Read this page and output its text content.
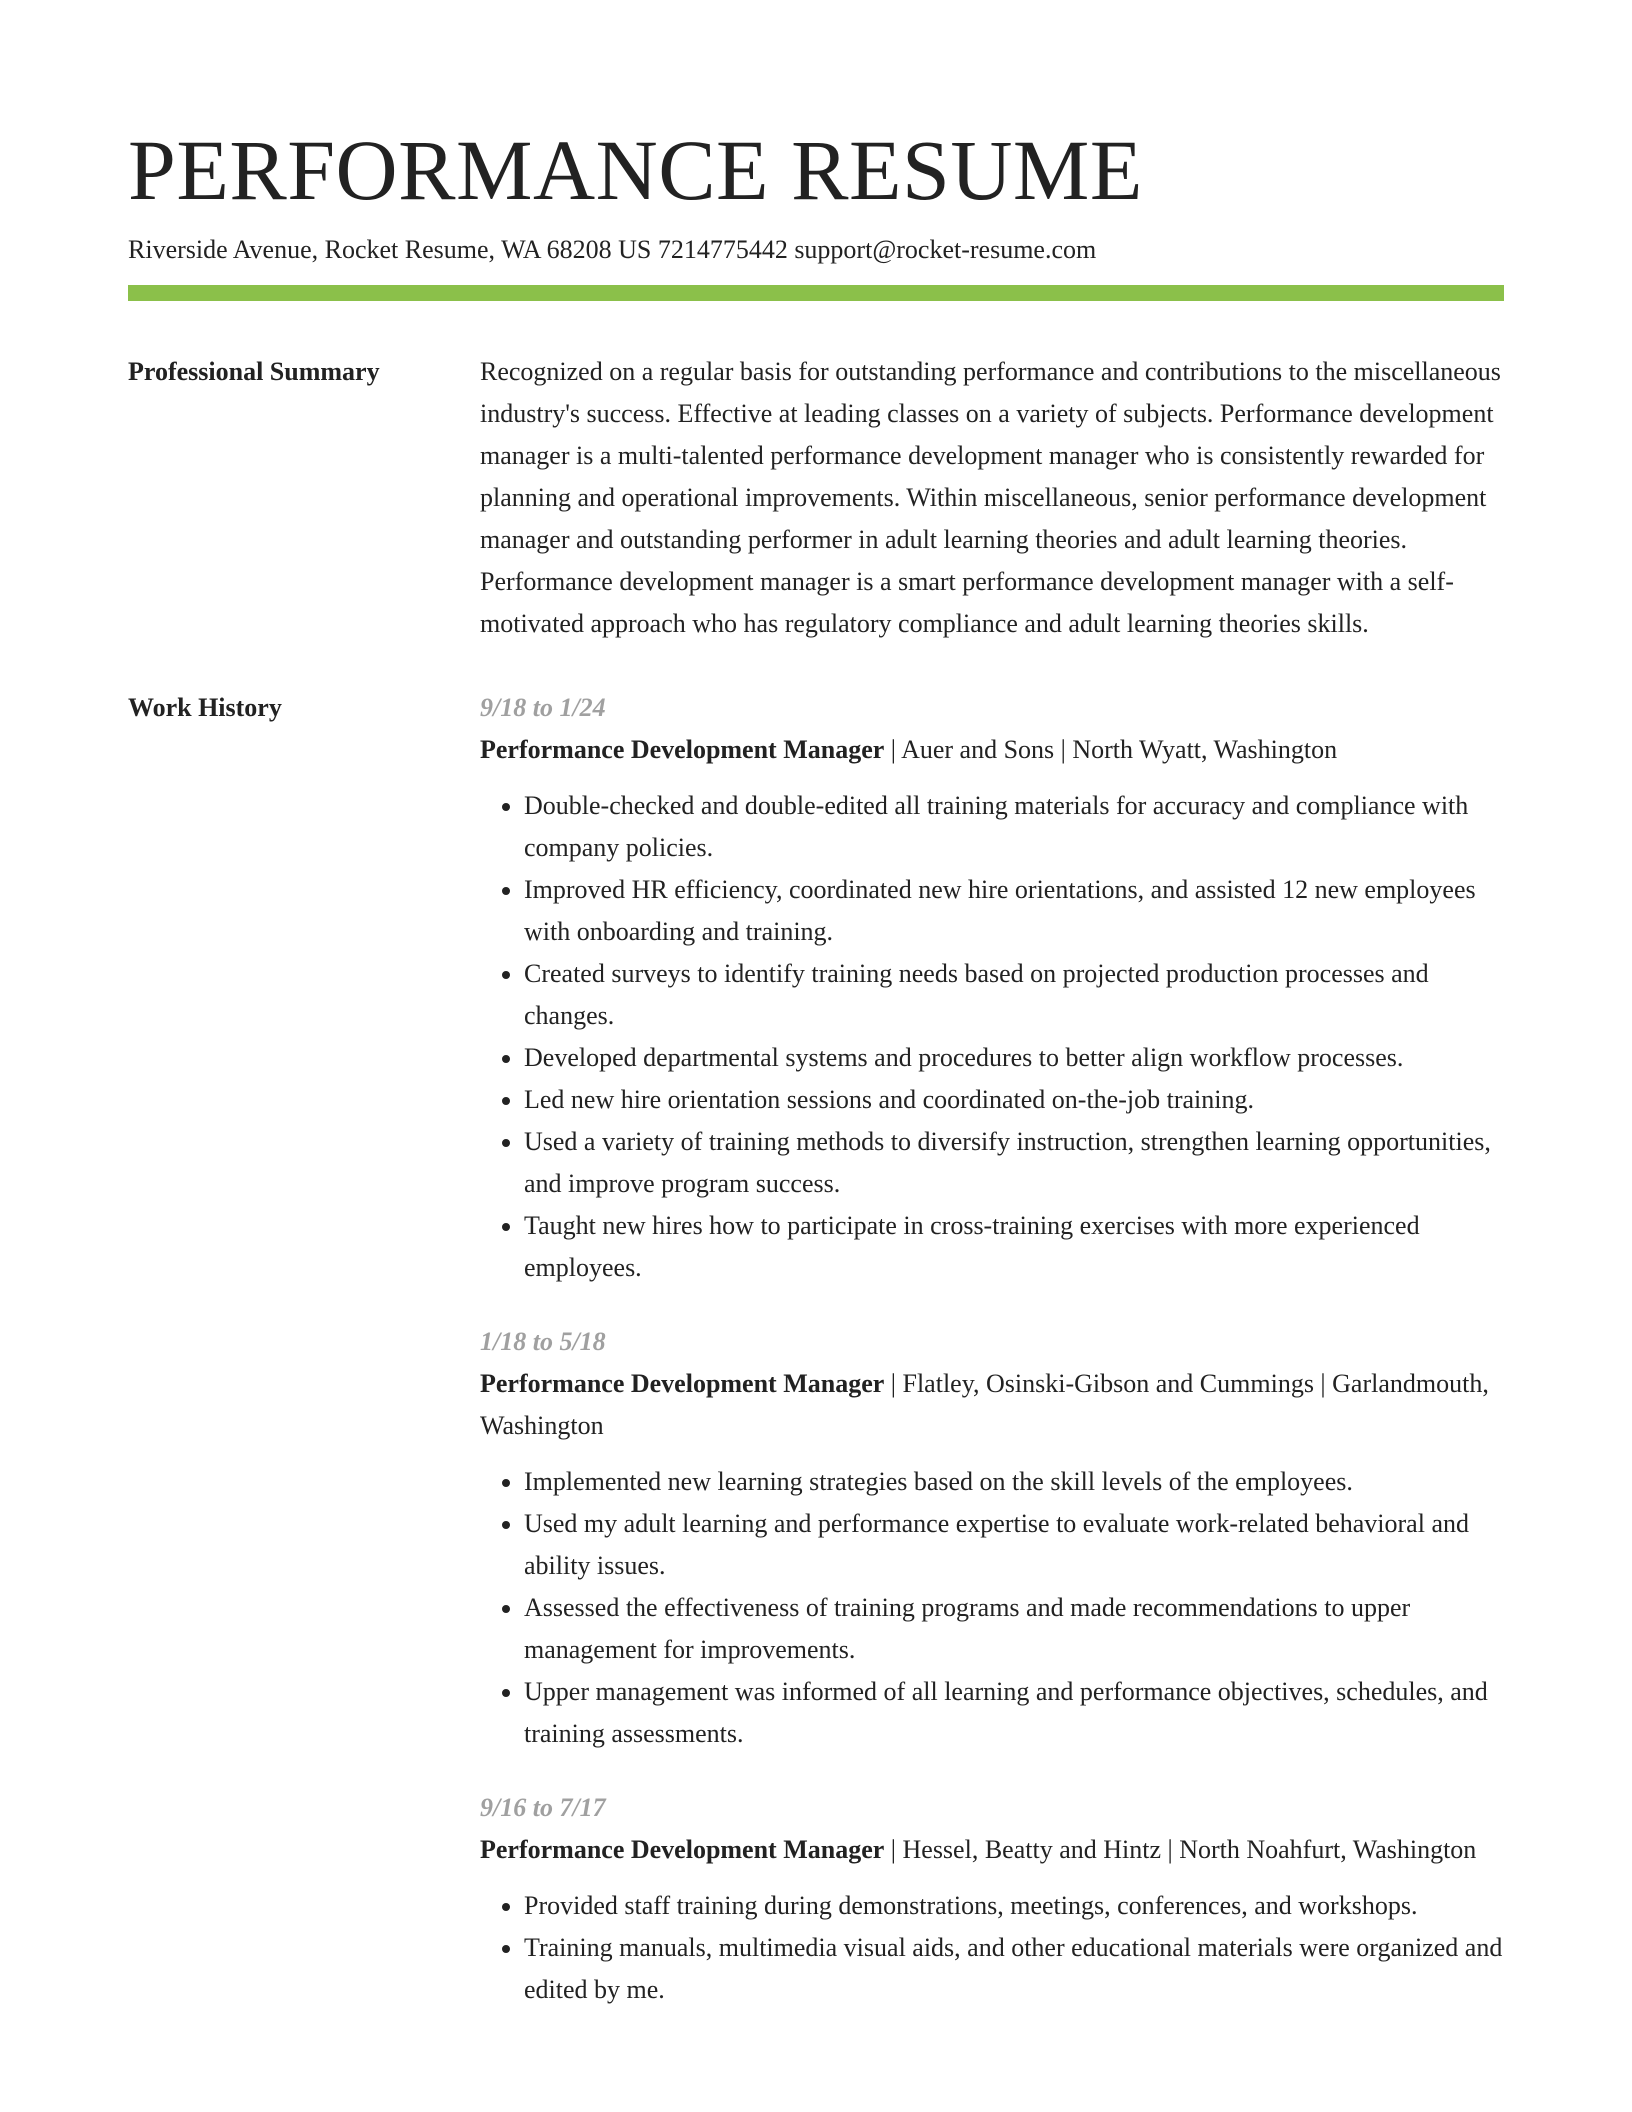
PERFORMANCE RESUME
Riverside Avenue, Rocket Resume, WA 68208 US 7214775442 support@rocket-resume.com
Professional Summary	Recognized on a regular basis for outstanding performance and contributions to the miscellaneous industry's success. Effective at leading classes on a variety of subjects. Performance development manager is a multi-talented performance development manager who is consistently rewarded for planning and operational improvements. Within miscellaneous, senior performance development manager and outstanding performer in adult learning theories and adult learning theories. Performance development manager is a smart performance development manager with a self-motivated approach who has regulatory compliance and adult learning theories skills.

Work History	9/18 to 1/24
Performance Development Manager | Auer and Sons | North Wyatt, Washington
• Double-checked and double-edited all training materials for accuracy and compliance with company policies.
• Improved HR efficiency, coordinated new hire orientations, and assisted 12 new employees with onboarding and training.
• Created surveys to identify training needs based on projected production processes and changes.
• Developed departmental systems and procedures to better align workflow processes.
• Led new hire orientation sessions and coordinated on-the-job training.
• Used a variety of training methods to diversify instruction, strengthen learning opportunities, and improve program success.
• Taught new hires how to participate in cross-training exercises with more experienced employees.
1/18 to 5/18
Performance Development Manager | Flatley, Osinski-Gibson and Cummings | Garlandmouth, Washington
• Implemented new learning strategies based on the skill levels of the employees.
• Used my adult learning and performance expertise to evaluate work-related behavioral and ability issues.
• Assessed the effectiveness of training programs and made recommendations to upper management for improvements.
• Upper management was informed of all learning and performance objectives, schedules, and training assessments.
9/16 to 7/17
Performance Development Manager | Hessel, Beatty and Hintz | North Noahfurt, Washington
• Provided staff training during demonstrations, meetings, conferences, and workshops.
• Training manuals, multimedia visual aids, and other educational materials were organized and edited by me.
